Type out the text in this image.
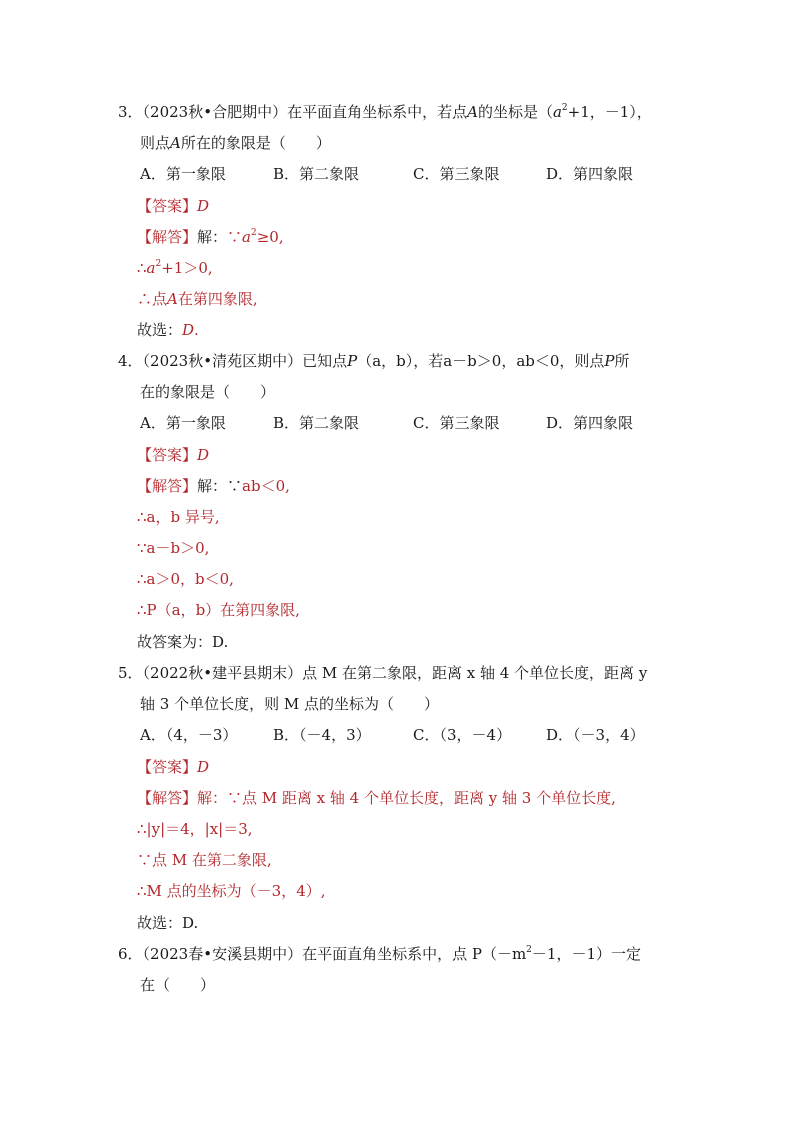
3．（2023秋•合肥期中）在平面直角坐标系中，若点A的坐标是（$a^2+1$，－1），
则点A所在的象限是（　　）
A．第一象限	B．第二象限	C．第三象限	D．第四象限
【答案】D
【解答】解：$\because a^2\ge 0$,
$\therefore a^2+1>0$,
∴点A在第四象限,
故选：D.
4．（2023秋•清苑区期中）已知点P（a，b），若a－b＞0，ab＜0，则点P所
在的象限是（　　）
A．第一象限	B．第二象限	C．第三象限	D．第四象限
【答案】D
【解答】解：∵ab＜0,
∴a，b 异号,
∵a－b＞0,
∴a＞0，b＜0,
∴P（a，b）在第四象限,
故答案为：D.
5．（2022秋•建平县期末）点 M 在第二象限，距离 x 轴 4 个单位长度，距离 y
轴 3 个单位长度，则 M 点的坐标为（　　）
A．（4，－3） B．（－4，3）	C．（3，－4） D．（－3，4）
【答案】D
【解答】解：∵点 M 距离 x 轴 4 个单位长度，距离 y 轴 3 个单位长度,
∴|y|＝4，|x|＝3,
∵点 M 在第二象限,
∴M 点的坐标为（－3，4）,
故选：D.
6．（2023春•安溪县期中）在平面直角坐标系中，点 $P(-m^2-1$，－1）一定
在（　　）
